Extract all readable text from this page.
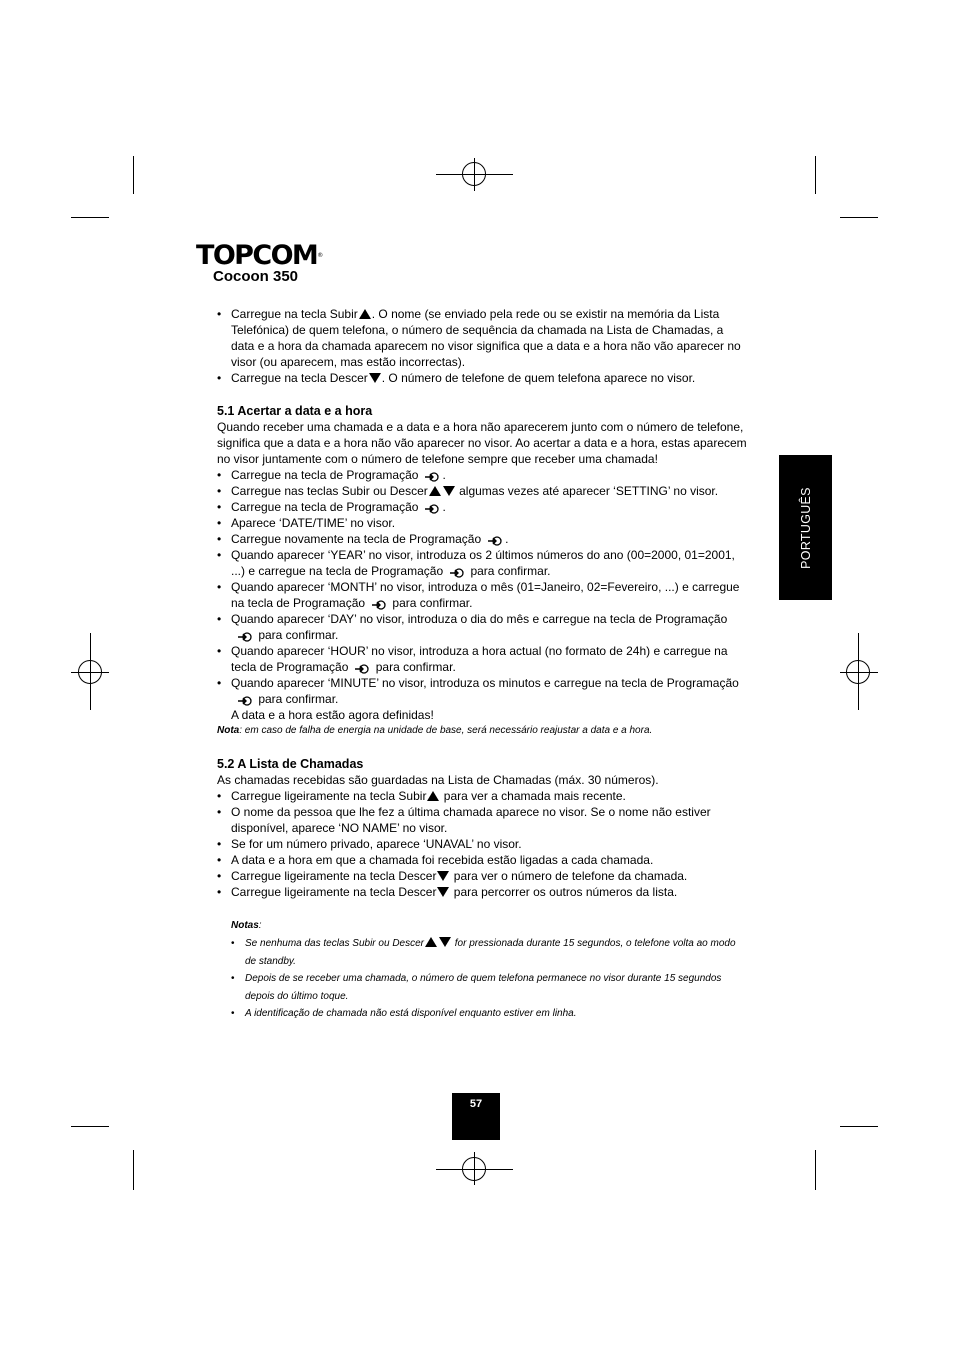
TOPCOM®
Cocoon 350
PORTUGUÊS
• Carregue na tecla Subir . O nome (se enviado pela rede ou se existir na memória da Lista Telefónica) de quem telefona, o número de sequência da chamada na Lista de Chamadas, a data e a hora da chamada aparecem no visor significa que a data e a hora não vão aparecer no visor (ou aparecem, mas estão incorrectas).
• Carregue na tecla Descer . O número de telefone de quem telefona aparece no visor.

5.1 Acertar a data e a hora

Quando receber uma chamada e a data e a hora não aparecerem junto com o número de telefone, significa que a data e a hora não vão aparecer no visor. Ao acertar a data e a hora, estas aparecem no visor juntamente com o número de telefone sempre que receber uma chamada!

• Carregue na tecla de Programação .
• Carregue nas teclas Subir ou Descer algumas vezes até aparecer ‘SETTING’ no visor.
• Carregue na tecla de Programação .
• Aparece ‘DATE/TIME’ no visor.
• Carregue novamente na tecla de Programação .
• Quando aparecer ‘YEAR’ no visor, introduza os 2 últimos números do ano (00=2000, 01=2001, ...) e carregue na tecla de Programação para confirmar.
• Quando aparecer ‘MONTH’ no visor, introduza o mês (01=Janeiro, 02=Fevereiro, ...) e carregue na tecla de Programação para confirmar.
• Quando aparecer ‘DAY’ no visor, introduza o dia do mês e carregue na tecla de Programação para confirmar.
• Quando aparecer ‘HOUR’ no visor, introduza a hora actual (no formato de 24h) e carregue na tecla de Programação para confirmar.
• Quando aparecer ‘MINUTE’ no visor, introduza os minutos e carregue na tecla de Programação para confirmar.

A data e a hora estão agora definidas!

Nota: em caso de falha de energia na unidade de base, será necessário reajustar a data e a hora.

5.2 A Lista de Chamadas

As chamadas recebidas são guardadas na Lista de Chamadas (máx. 30 números).

• Carregue ligeiramente na tecla Subir para ver a chamada mais recente.
• O nome da pessoa que lhe fez a última chamada aparece no visor. Se o nome não estiver disponível, aparece ‘NO NAME’ no visor.
• Se for um número privado, aparece ‘UNAVAL’ no visor.
• A data e a hora em que a chamada foi recebida estão ligadas a cada chamada.
• Carregue ligeiramente na tecla Descer para ver o número de telefone da chamada.
• Carregue ligeiramente na tecla Descer para percorrer os outros números da lista.
Notas:
• Se nenhuma das teclas Subir ou Descer	for pressionada durante 15 segundos, o telefone volta ao modo de standby.
• Depois de se receber uma chamada, o número de quem telefona permanece no visor durante 15 segundos depois do último toque.
• A identificação de chamada não está disponível enquanto estiver em linha.
57
